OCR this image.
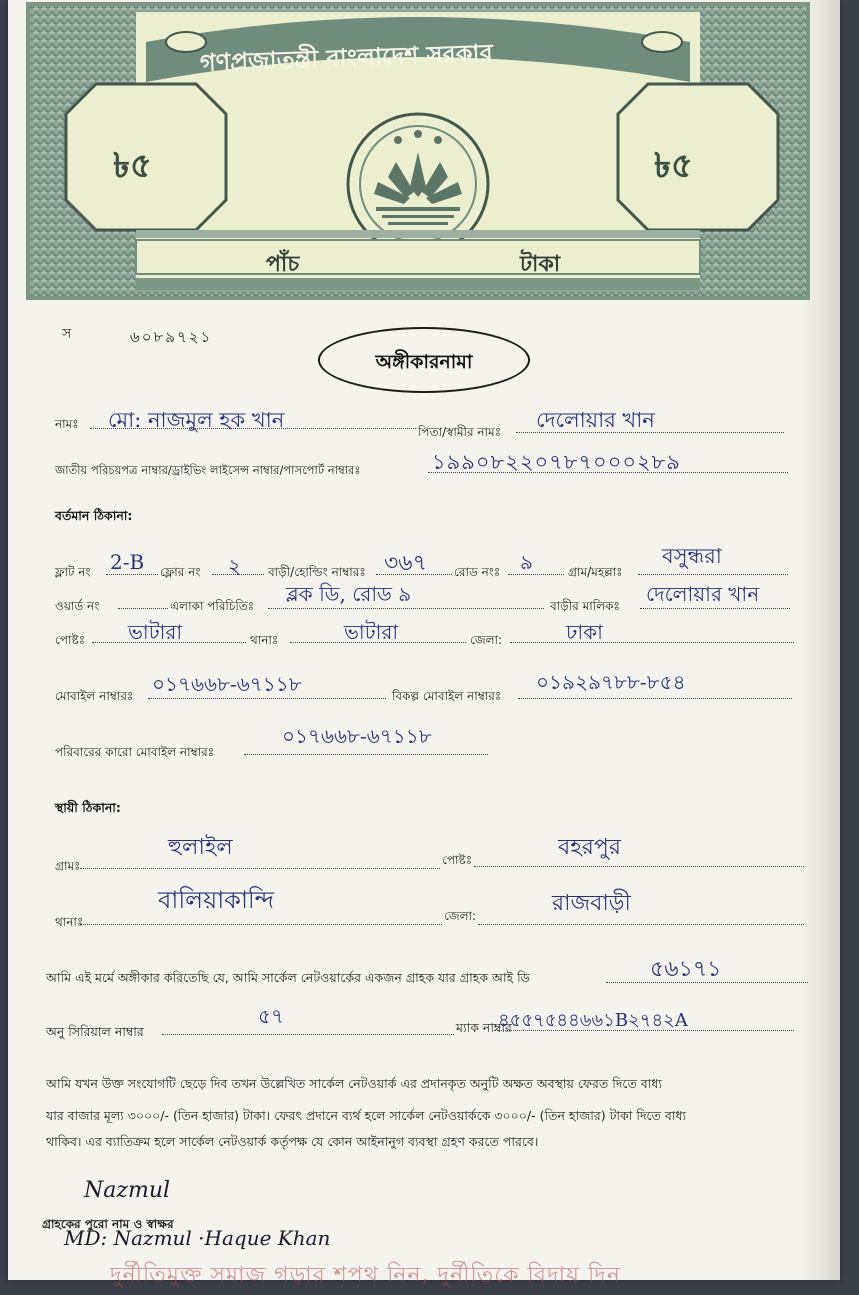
গণপ্রজাতন্ত্রী বাংলাদেশ সরকার
৳৫	৳৫
পাঁচ	টাকা
স	৬০৮৯৭২১
অঙ্গীকারনামা
নামঃ মো: নাজমুল হক খান	পিতা/স্বামীর নামঃ দেলোয়ার খান
জাতীয় পরিচয়পত্র নাম্বার/ড্রাইভিং লাইসেন্স নাম্বার/পাসপোর্ট নাম্বারঃ	১৯৯০৮২২০৭৮৭০০০২৮৯
বর্তমান ঠিকানা:
ফ্লাট নং 2-B ফ্লোর নং ২ বাড়ী/হোল্ডিং নাম্বারঃ ৩৬৭ রোড নংঃ ৯	গ্রাম/মহল্লাঃ
বসুন্ধরা
ওয়ার্ড নং	এলাকা পরিচিতিঃ ব্লক ডি, রোড ৯	বাড়ীর মালিকঃ দেলোয়ার খান
পোষ্টঃ ভাটারা	থানাঃ	ভাটারা	জেলা:	ঢাকা
মোবাইল নাম্বারঃ ০১৭৬৬৮-৬৭১১৮	বিকল্প মোবাইল নাম্বারঃ
০১৯২৯৭৮৮-৮৫৪
পরিবারের কারো মোবাইল নাম্বারঃ
০১৭৬৬৮-৬৭১১৮
স্থায়ী ঠিকানা:
গ্রামঃ
হুলাইল	পোষ্টঃ	বহরপুর
থানাঃ
বালিয়াকান্দি
জেলা:	রাজবাড়ী
আমি এই মর্মে অঙ্গীকার করিতেছি যে, আমি সার্কেল নেটওয়ার্কের একজন গ্রাহক যার গ্রাহক আই ডি	৫৬১৭১
অনু সিরিয়াল নাম্বার
৫৭	ম্যাক নাম্বার
৪৫৫৭৫৪৪৬৬১B২৭৪২A
আমি যখন উক্ত সংযোগটি ছেড়ে দিব তখন উল্লেখিত সার্কেল নেটওয়ার্ক এর প্রদানকৃত অনুটি অক্ষত অবস্থায় ফেরত দিতে বাধ্য
যার বাজার মূল্য ৩০০০/- (তিন হাজার) টাকা। ফেরৎ প্রদানে ব্যর্থ হলে সার্কেল নেটওয়ার্ককে ৩০০০/- (তিন হাজার) টাকা দিতে বাধ্য
থাকিব। এর ব্যাতিক্রম হলে সার্কেল নেটওয়ার্ক কর্তৃপক্ষ যে কোন আইনানুগ ব্যবস্থা গ্রহণ করতে পারবে।
Nazmul
গ্রাহকের পুরো নাম ও স্বাক্ষর
MD: Nazmul ·Haque Khan
দুর্নীতিমুক্ত সমাজ গড়ার শপথ নিন, দুর্নীতিকে বিদায় দিন
